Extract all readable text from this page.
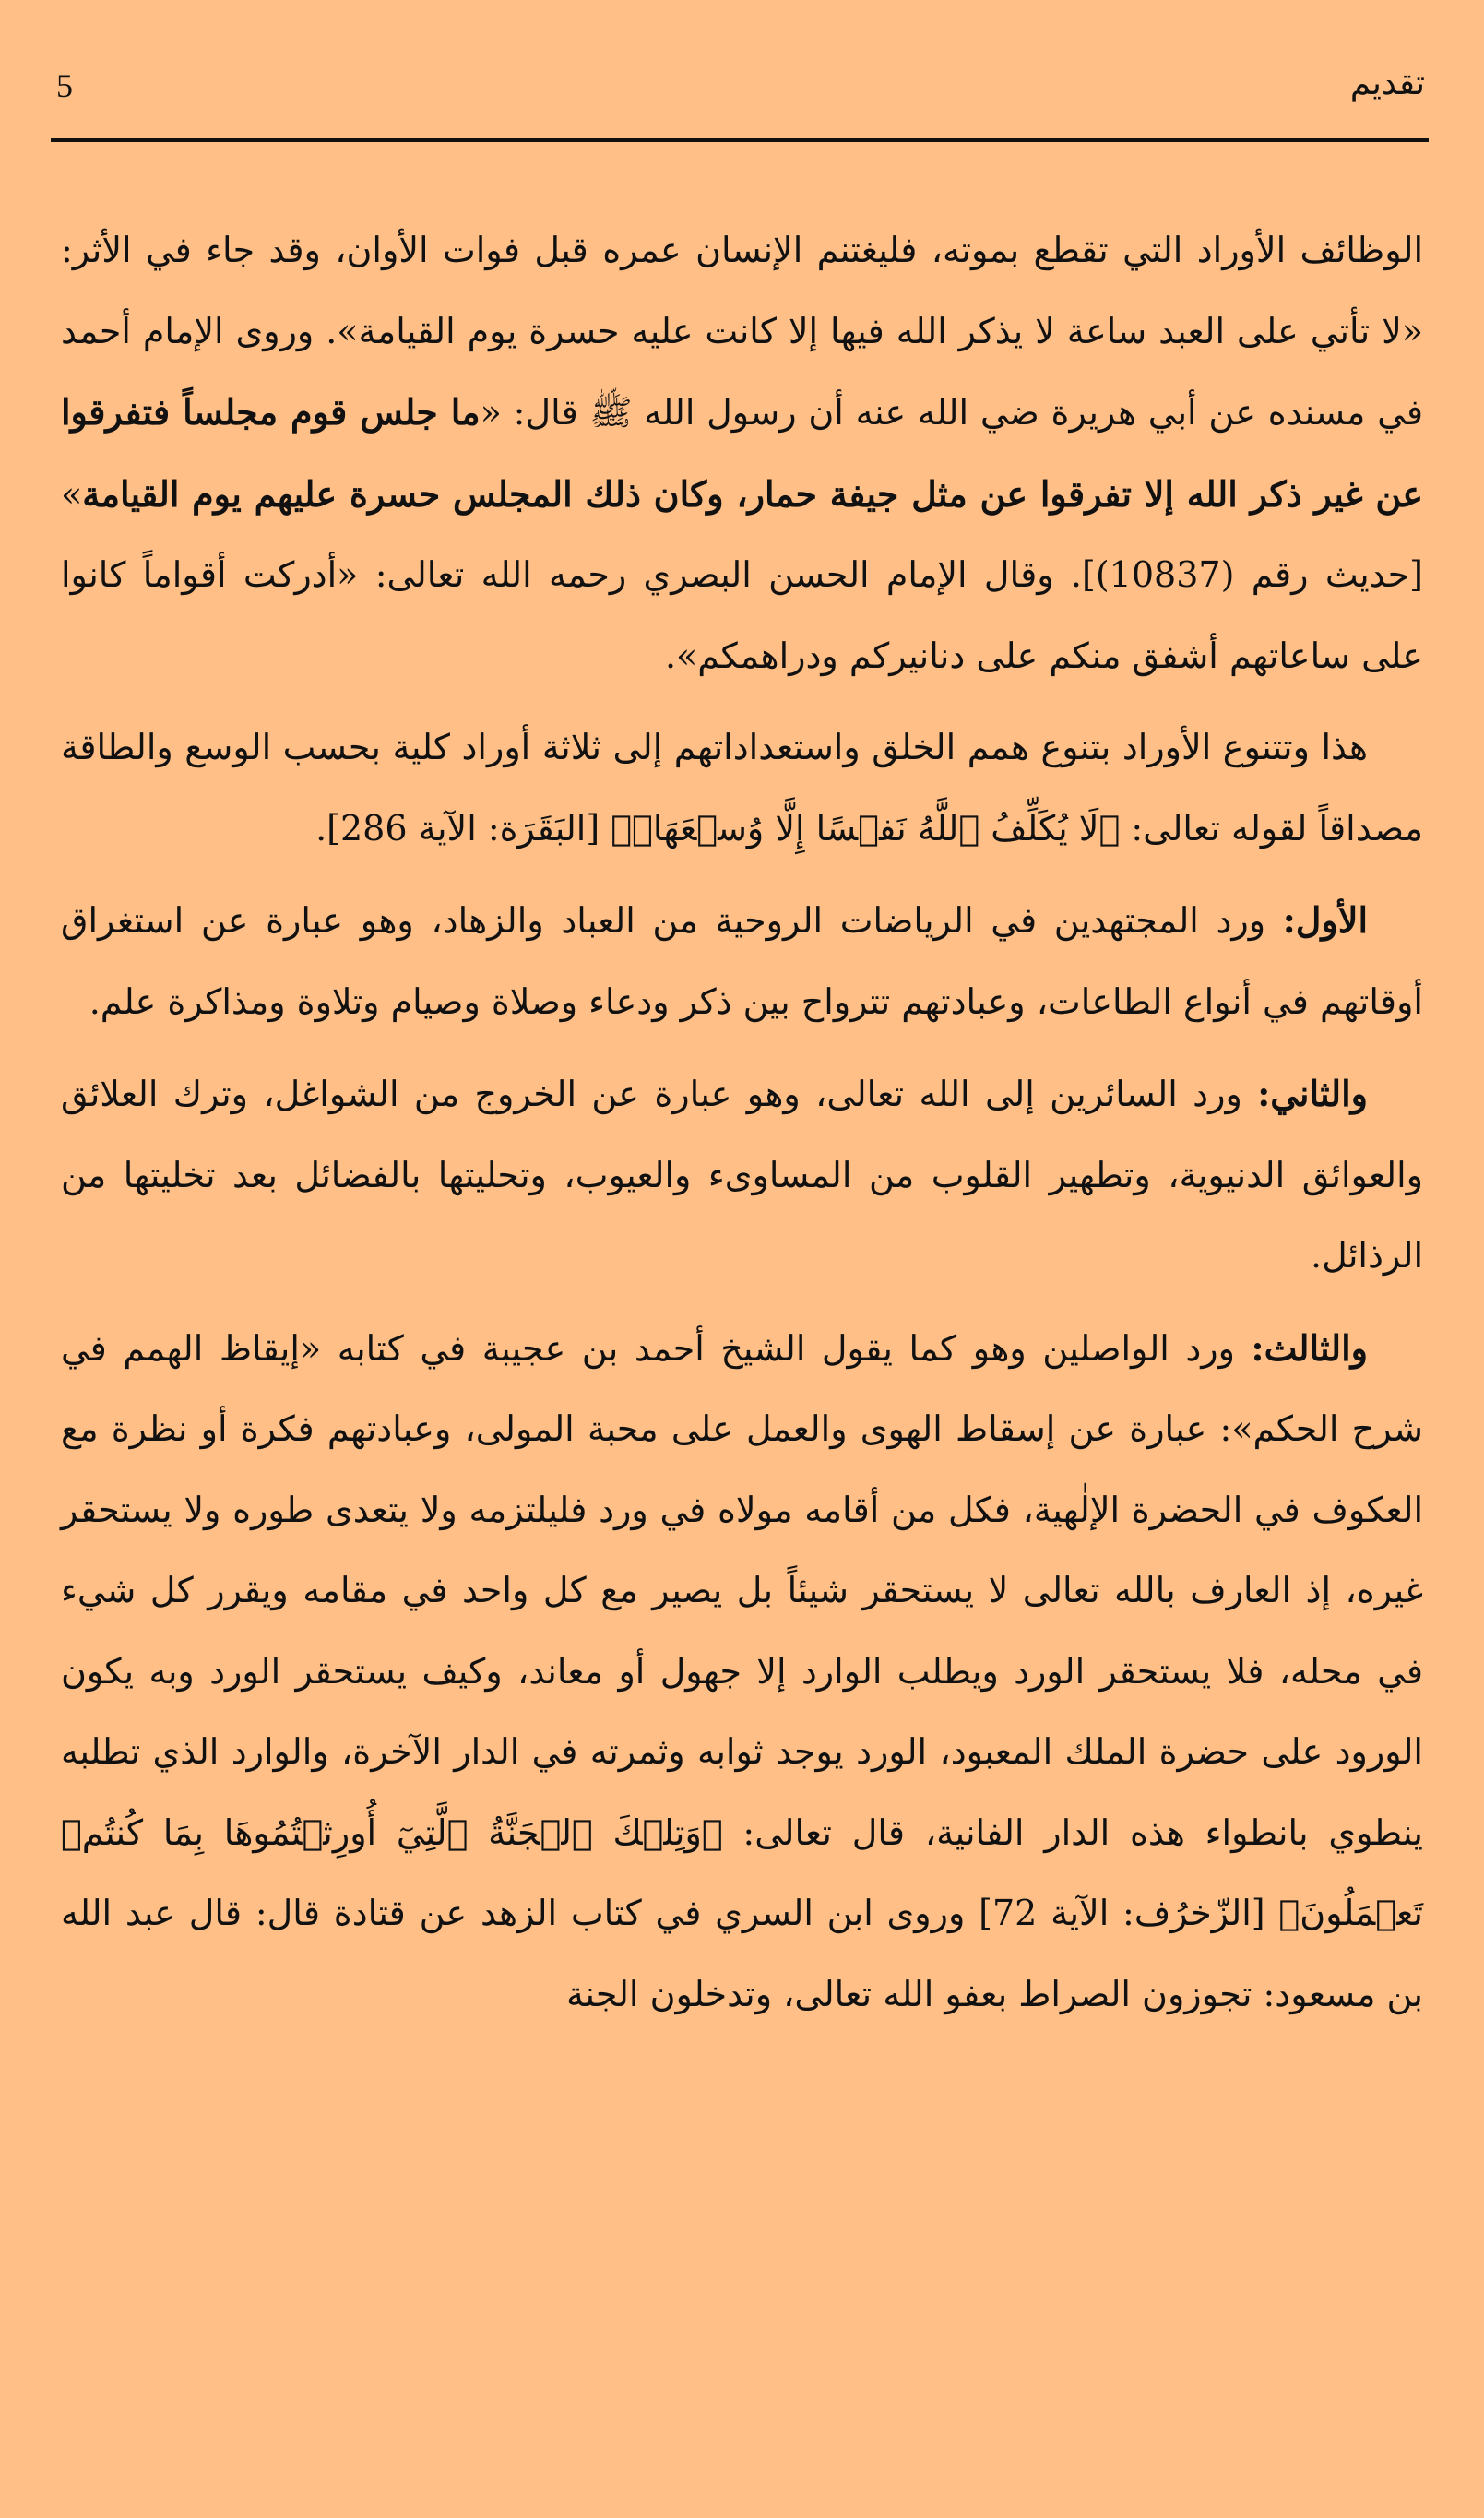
5	تقديم

الوظائف الأوراد التي تقطع بموته، فليغتنم الإنسان عمره قبل فوات الأوان، وقد جاء في الأثر: «لا تأتي على العبد ساعة لا يذكر الله فيها إلا كانت عليه حسرة يوم القيامة». وروى الإمام أحمد في مسنده عن أبي هريرة ضي الله عنه أن رسول الله ﷺ قال: «ما جلس قوم مجلساً فتفرقوا عن غير ذكر الله إلا تفرقوا عن مثل جيفة حمار، وكان ذلك المجلس حسرة عليهم يوم القيامة» [حديث رقم (10837)]. وقال الإمام الحسن البصري رحمه الله تعالى: «أدركت أقواماً كانوا على ساعاتهم أشفق منكم على دنانيركم ودراهمكم».

هذا وتتنوع الأوراد بتنوع همم الخلق واستعداداتهم إلى ثلاثة أوراد كلية بحسب الوسع والطاقة مصداقاً لقوله تعالى: ﴿لَا يُكَلِّفُ ٱللَّهُ نَفۡسًا إِلَّا وُسۡعَهَاۚ﴾ [البَقَرَة: الآية 286].

الأول: ورد المجتهدين في الرياضات الروحية من العباد والزهاد، وهو عبارة عن استغراق أوقاتهم في أنواع الطاعات، وعبادتهم تترواح بين ذكر ودعاء وصلاة وصيام وتلاوة ومذاكرة علم.

والثاني: ورد السائرين إلى الله تعالى، وهو عبارة عن الخروج من الشواغل، وترك العلائق والعوائق الدنيوية، وتطهير القلوب من المساوىء والعيوب، وتحليتها بالفضائل بعد تخليتها من الرذائل.

والثالث: ورد الواصلين وهو كما يقول الشيخ أحمد بن عجيبة في كتابه «إيقاظ الهمم في شرح الحكم»: عبارة عن إسقاط الهوى والعمل على محبة المولى، وعبادتهم فكرة أو نظرة مع العكوف في الحضرة الإلٰهية، فكل من أقامه مولاه في ورد فليلتزمه ولا يتعدى طوره ولا يستحقر غيره، إذ العارف بالله تعالى لا يستحقر شيئاً بل يصير مع كل واحد في مقامه ويقرر كل شيء في محله، فلا يستحقر الورد ويطلب الوارد إلا جهول أو معاند، وكيف يستحقر الورد وبه يكون الورود على حضرة الملك المعبود، الورد يوجد ثوابه وثمرته في الدار الآخرة، والوارد الذي تطلبه ينطوي بانطواء هذه الدار الفانية، قال تعالى: ﴿وَتِلۡكَ ٱلۡجَنَّةُ ٱلَّتِيٓ أُورِثۡتُمُوهَا بِمَا كُنتُمۡ تَعۡمَلُونَ﴾ [الزّخرُف: الآية 72] وروى ابن السري في كتاب الزهد عن قتادة قال: قال عبد الله بن مسعود: تجوزون الصراط بعفو الله تعالى، وتدخلون الجنة
